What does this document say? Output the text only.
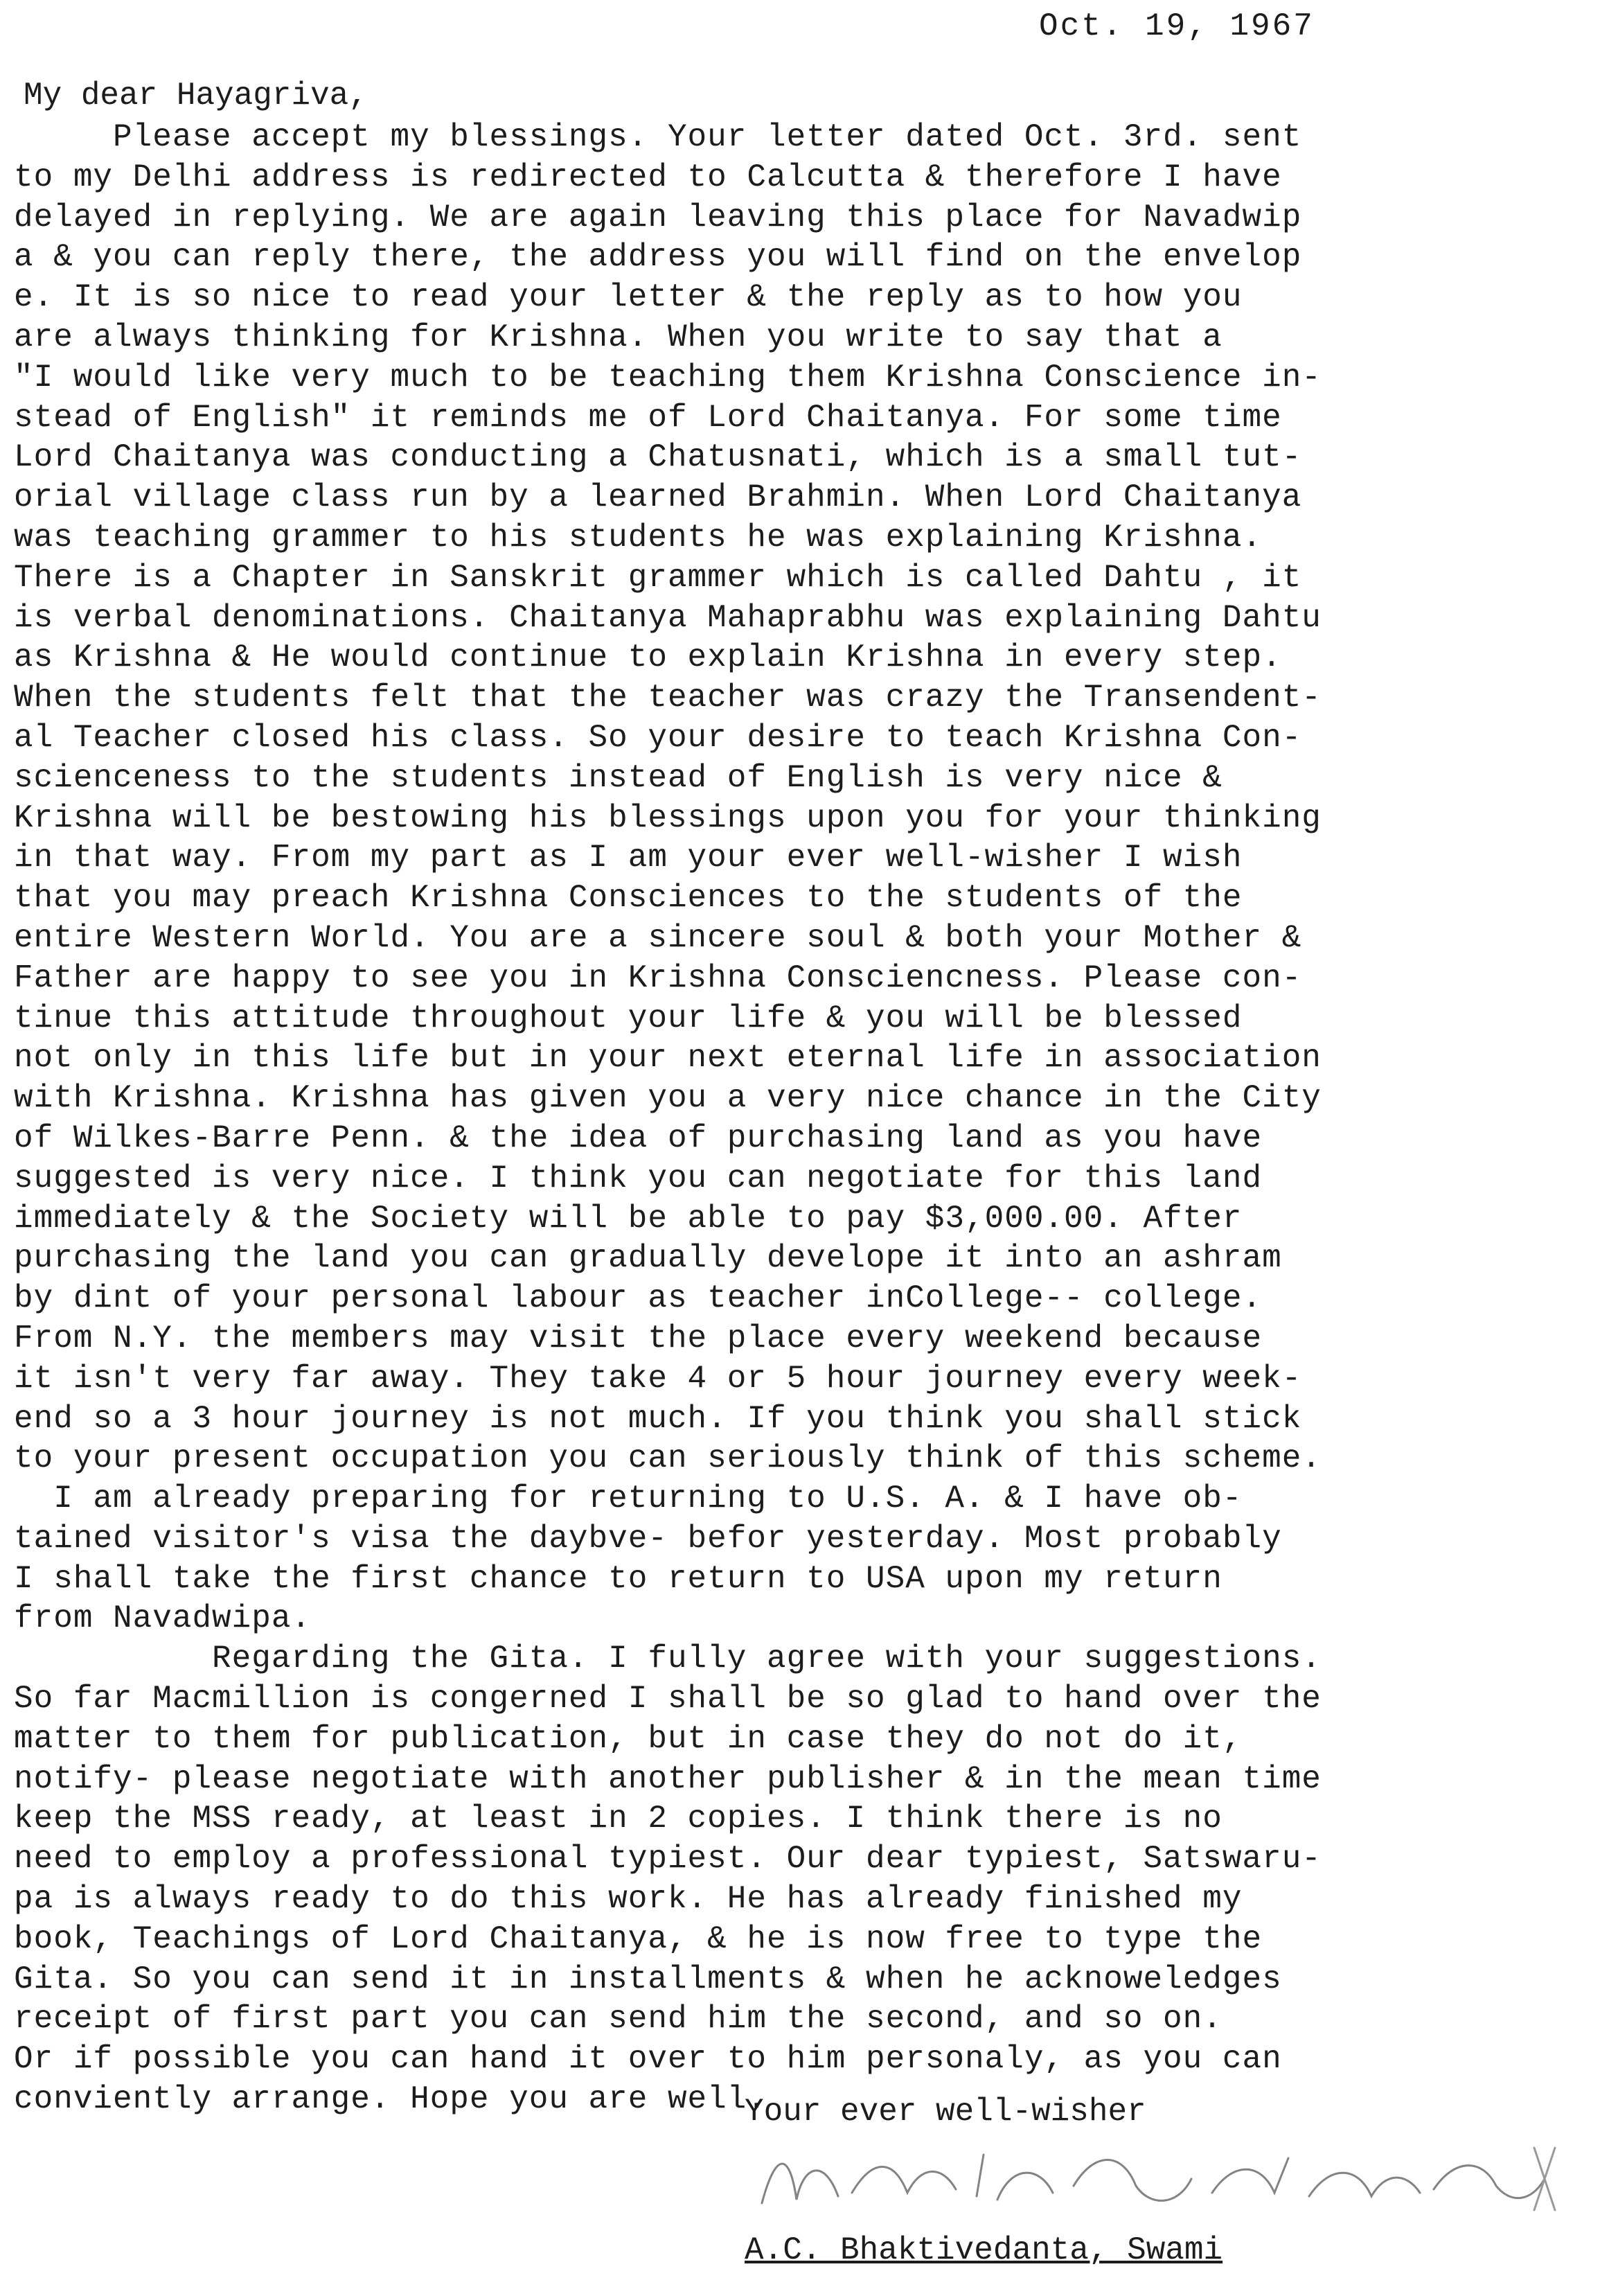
Oct. 19, 1967
My dear Hayagriva,
Please accept my blessings. Your letter dated Oct. 3rd. sent
to my Delhi address is redirected to Calcutta & therefore I have
delayed in replying. We are again leaving this place for Navadwip
a & you can reply there, the address you will find on the envelop
e. It is so nice to read your letter & the reply as to how you
are always thinking for Krishna. When you write to say that a
"I would like very much to be teaching them Krishna Conscience in-
stead of English" it reminds me of Lord Chaitanya. For some time
Lord Chaitanya was conducting a Chatusnati, which is a small tut-
orial village class run by a learned Brahmin. When Lord Chaitanya
was teaching grammer to his students he was explaining Krishna.
There is a Chapter in Sanskrit grammer which is called Dahtu , it
is verbal denominations. Chaitanya Mahaprabhu was explaining Dahtu
as Krishna & He would continue to explain Krishna in every step.
When the students felt that the teacher was crazy the Transendent-
al Teacher closed his class. So your desire to teach Krishna Con-
scienceness to the students instead of English is very nice &
Krishna will be bestowing his blessings upon you for your thinking
in that way. From my part as I am your ever well-wisher I wish
that you may preach Krishna Consciences to the students of the
entire Western World. You are a sincere soul & both your Mother &
Father are happy to see you in Krishna Consciencness. Please con-
tinue this attitude throughout your life & you will be blessed
not only in this life but in your next eternal life in association
with Krishna. Krishna has given you a very nice chance in the City
of Wilkes-Barre Penn. & the idea of purchasing land as you have
suggested is very nice. I think you can negotiate for this land
immediately & the Society will be able to pay $3,000.00. After
purchasing the land you can gradually develope it into an ashram
by dint of your personal labour as teacher inCollege-- college.
From N.Y. the members may visit the place every weekend because
it isn't very far away. They take 4 or 5 hour journey every week-
end so a 3 hour journey is not much. If you think you shall stick
to your present occupation you can seriously think of this scheme.
I am already preparing for returning to U.S. A. & I have ob-
tained visitor's visa the daybve- befor yesterday. Most probably
I shall take the first chance to return to USA upon my return
from Navadwipa.
Regarding the Gita. I fully agree with your suggestions.
So far Macmillion is congerned I shall be so glad to hand over the
matter to them for publication, but in case they do not do it,
notify- please negotiate with another publisher & in the mean time
keep the MSS ready, at least in 2 copies. I think there is no
need to employ a professional typiest. Our dear typiest, Satswaru-
pa is always ready to do this work. He has already finished my
book, Teachings of Lord Chaitanya, & he is now free to type the
Gita. So you can send it in installments & when he acknoweledges
receipt of first part you can send him the second, and so on.
Or if possible you can hand it over to him personaly, as you can
conviently arrange. Hope you are well.
Your ever well-wisher
A.C. Bhaktivedanta, Swami
